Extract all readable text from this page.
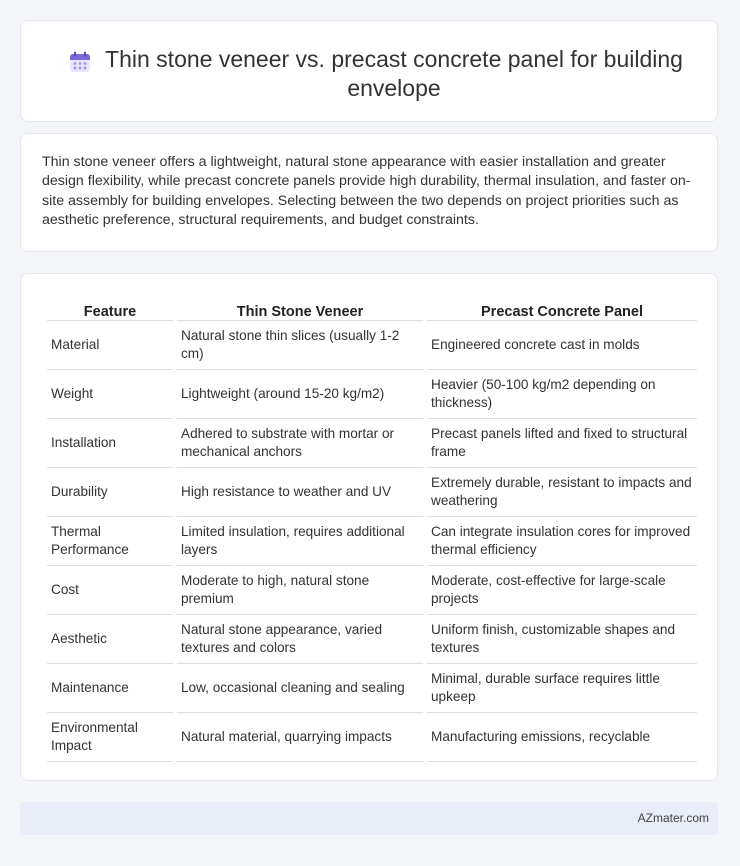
Thin stone veneer vs. precast concrete panel for building envelope

Thin stone veneer offers a lightweight, natural stone appearance with easier installation and greater design flexibility, while precast concrete panels provide high durability, thermal insulation, and faster on-site assembly for building envelopes. Selecting between the two depends on project priorities such as aesthetic preference, structural requirements, and budget constraints.

Feature	Thin Stone Veneer	Precast Concrete Panel
Material	Natural stone thin slices (usually 1-2 cm)	Engineered concrete cast in molds
Weight	Lightweight (around 15-20 kg/m2)	Heavier (50-100 kg/m2 depending on thickness)
Installation	Adhered to substrate with mortar or mechanical anchors	Precast panels lifted and fixed to structural frame
Durability	High resistance to weather and UV	Extremely durable, resistant to impacts and weathering
Thermal Performance	Limited insulation, requires additional layers	Can integrate insulation cores for improved thermal efficiency
Cost	Moderate to high, natural stone premium	Moderate, cost-effective for large-scale projects
Aesthetic	Natural stone appearance, varied textures and colors	Uniform finish, customizable shapes and textures
Maintenance	Low, occasional cleaning and sealing	Minimal, durable surface requires little upkeep
Environmental Impact	Natural material, quarrying impacts	Manufacturing emissions, recyclable
AZmater.com
